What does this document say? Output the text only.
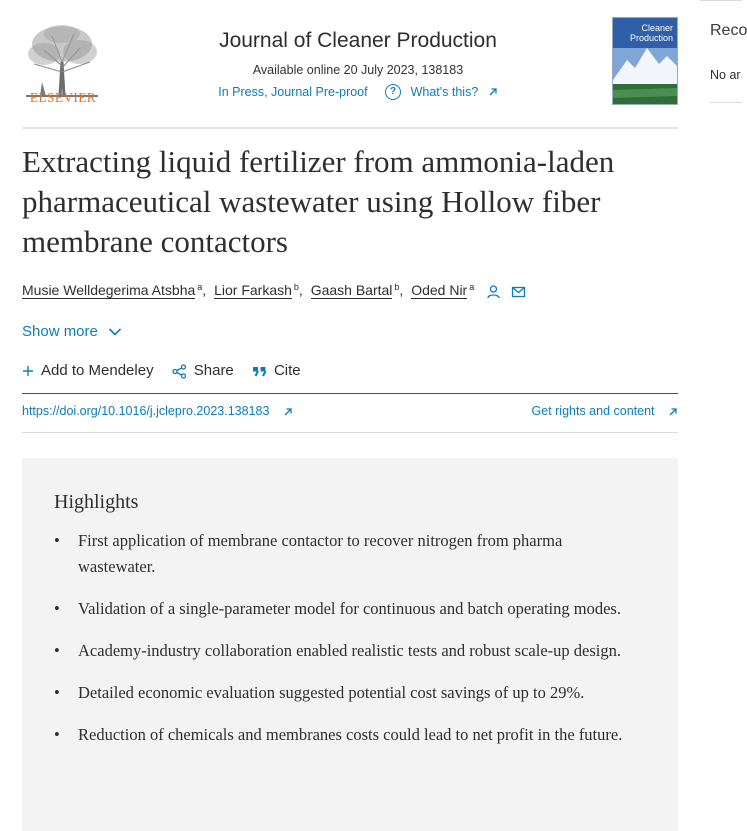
ELSEVIER
Journal of Cleaner Production
Available online 20 July 2023, 138183
In Press, Journal Pre-proof ? What's this?
Cleaner
Production Reco
No ar
Extracting liquid fertilizer from ammonia-laden pharmaceutical wastewater using Hollow fiber membrane contactors
Musie Welldegerima Atsbha $^a$, Lior Farkash $^b$, Gaash Bartal $^b$, Oded Nir $^a$
Show more
Add to Mendeley	Share	Cite
https://doi.org/10.1016/j.jclepro.2023.138183	Get rights and content
Highlights
• First application of membrane contactor to recover nitrogen from pharma wastewater.
• Validation of a single-parameter model for continuous and batch operating modes.
• Academy-industry collaboration enabled realistic tests and robust scale-up design.
• Detailed economic evaluation suggested potential cost savings of up to 29%.
• Reduction of chemicals and membranes costs could lead to net profit in the future.
